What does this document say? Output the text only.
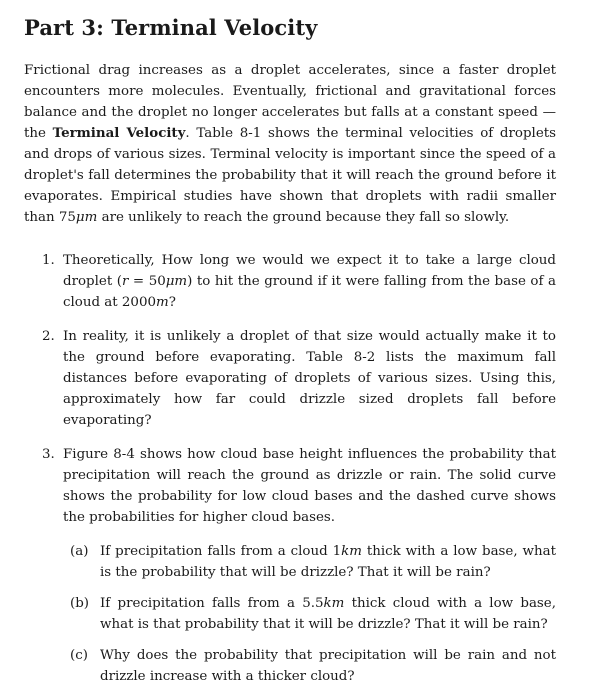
Part 3: Terminal Velocity

Frictional drag increases as a droplet accelerates, since a faster droplet encounters more molecules. Eventually, frictional and gravitational forces balance and the droplet no longer accelerates but falls at a constant speed — the Terminal Velocity. Table 8-1 shows the terminal velocities of droplets and drops of various sizes. Terminal velocity is important since the speed of a droplet's fall determines the probability that it will reach the ground before it evaporates. Empirical studies have shown that droplets with radii smaller than 75μm are unlikely to reach the ground because they fall so slowly.

1. Theoretically, How long we would we expect it to take a large cloud droplet (r = 50μm) to hit the ground if it were falling from the base of a cloud at 2000m?
2. In reality, it is unlikely a droplet of that size would actually make it to the ground before evaporating. Table 8-2 lists the maximum fall distances before evaporating of droplets of various sizes. Using this, approximately how far could drizzle sized droplets fall before evaporating?
3. Figure 8-4 shows how cloud base height influences the probability that precipitation will reach the ground as drizzle or rain. The solid curve shows the probability for low cloud bases and the dashed curve shows the probabilities for higher cloud bases.
(a) If precipitation falls from a cloud 1km thick with a low base, what is the probability that will be drizzle? That it will be rain?
(b) If precipitation falls from a 5.5km thick cloud with a low base, what is that probability that it will be drizzle? That it will be rain?
(c) Why does the probability that precipitation will be rain and not drizzle increase with a thicker cloud?
